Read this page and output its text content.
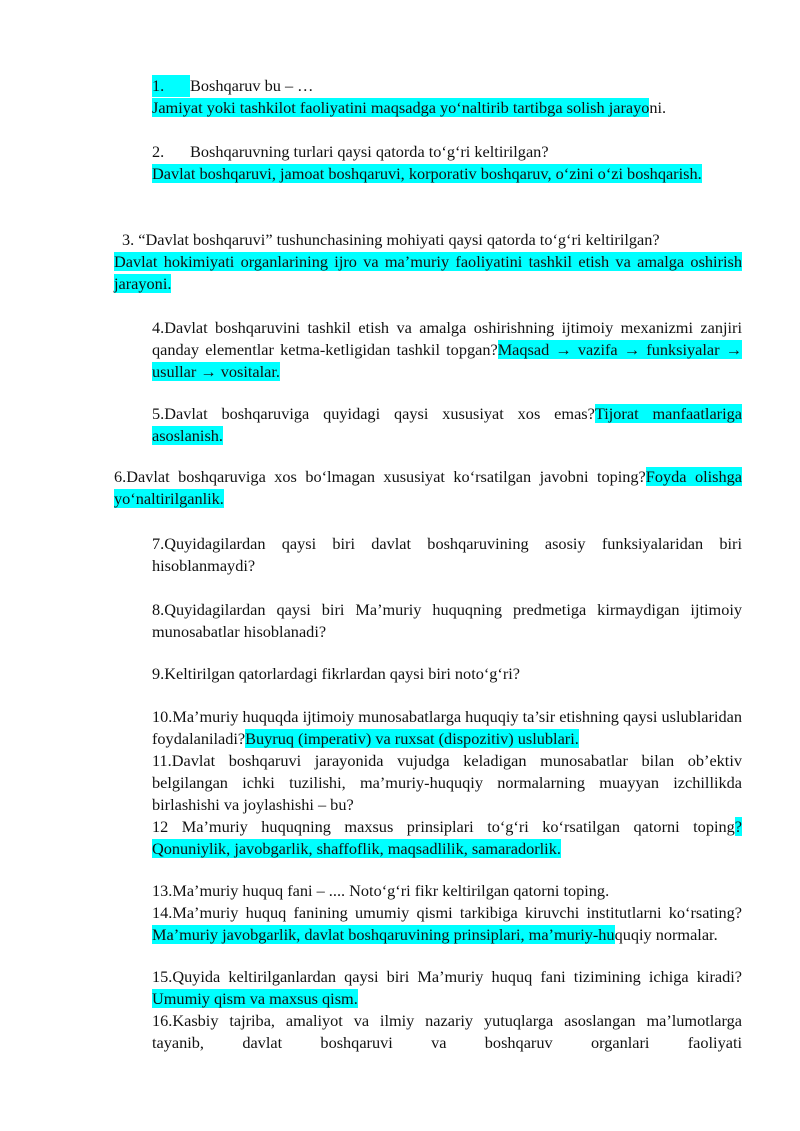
1. Boshqaruv bu – …
Jamiyat yoki tashkilot faoliyatini maqsadga yoʻnaltirib tartibga solish jarayoni.
2. Boshqaruvning turlari qaysi qatorda toʻgʻri keltirilgan?
Davlat boshqaruvi, jamoat boshqaruvi, korporativ boshqaruv, oʻzini oʻzi boshqarish.
3. “Davlat boshqaruvi” tushunchasining mohiyati qaysi qatorda toʻgʻri keltirilgan?
Davlat hokimiyati organlarining ijro va ma’muriy faoliyatini tashkil etish va amalga oshirish jarayoni.
4.Davlat boshqaruvini tashkil etish va amalga oshirishning ijtimoiy mexanizmi zanjiri qanday elementlar ketma-ketligidan tashkil topgan?Maqsad → vazifa → funksiyalar → usullar → vositalar.
5.Davlat boshqaruviga quyidagi qaysi xususiyat xos emas?Tijorat manfaatlariga asoslanish.
6.Davlat boshqaruviga xos boʻlmagan xususiyat koʻrsatilgan javobni toping?Foyda olishga yoʻnaltirilganlik.
7.Quyidagilardan qaysi biri davlat boshqaruvining asosiy funksiyalaridan biri hisoblanmaydi?
8.Quyidagilardan qaysi biri Ma’muriy huquqning predmetiga kirmaydigan ijtimoiy munosabatlar hisoblanadi?
9.Keltirilgan qatorlardagi fikrlardan qaysi biri notoʻgʻri?
10.Ma’muriy huquqda ijtimoiy munosabatlarga huquqiy ta’sir etishning qaysi uslublaridan foydalaniladi?Buyruq (imperativ) va ruxsat (dispozitiv) uslublari.
11.Davlat boshqaruvi jarayonida vujudga keladigan munosabatlar bilan ob’ektiv belgilangan ichki tuzilishi, ma’muriy-huquqiy normalarning muayyan izchillikda birlashishi va joylashishi – bu?
12 Ma’muriy huquqning maxsus prinsiplari toʻgʻri koʻrsatilgan qatorni toping?Qonuniylik, javobgarlik, shaffoflik, maqsadlilik, samaradorlik.
13.Ma’muriy huquq fani – .... Notoʻgʻri fikr keltirilgan qatorni toping.
14.Ma’muriy huquq fanining umumiy qismi tarkibiga kiruvchi institutlarni koʻrsating?Ma’muriy javobgarlik, davlat boshqaruvining prinsiplari, ma’muriy-huquqiy normalar.
15.Quyida keltirilganlardan qaysi biri Ma’muriy huquq fani tizimining ichiga kiradi?Umumiy qism va maxsus qism.
16.Kasbiy tajriba, amaliyot va ilmiy nazariy yutuqlarga asoslangan ma’lumotlarga tayanib, davlat boshqaruvi va boshqaruv organlari faoliyati
